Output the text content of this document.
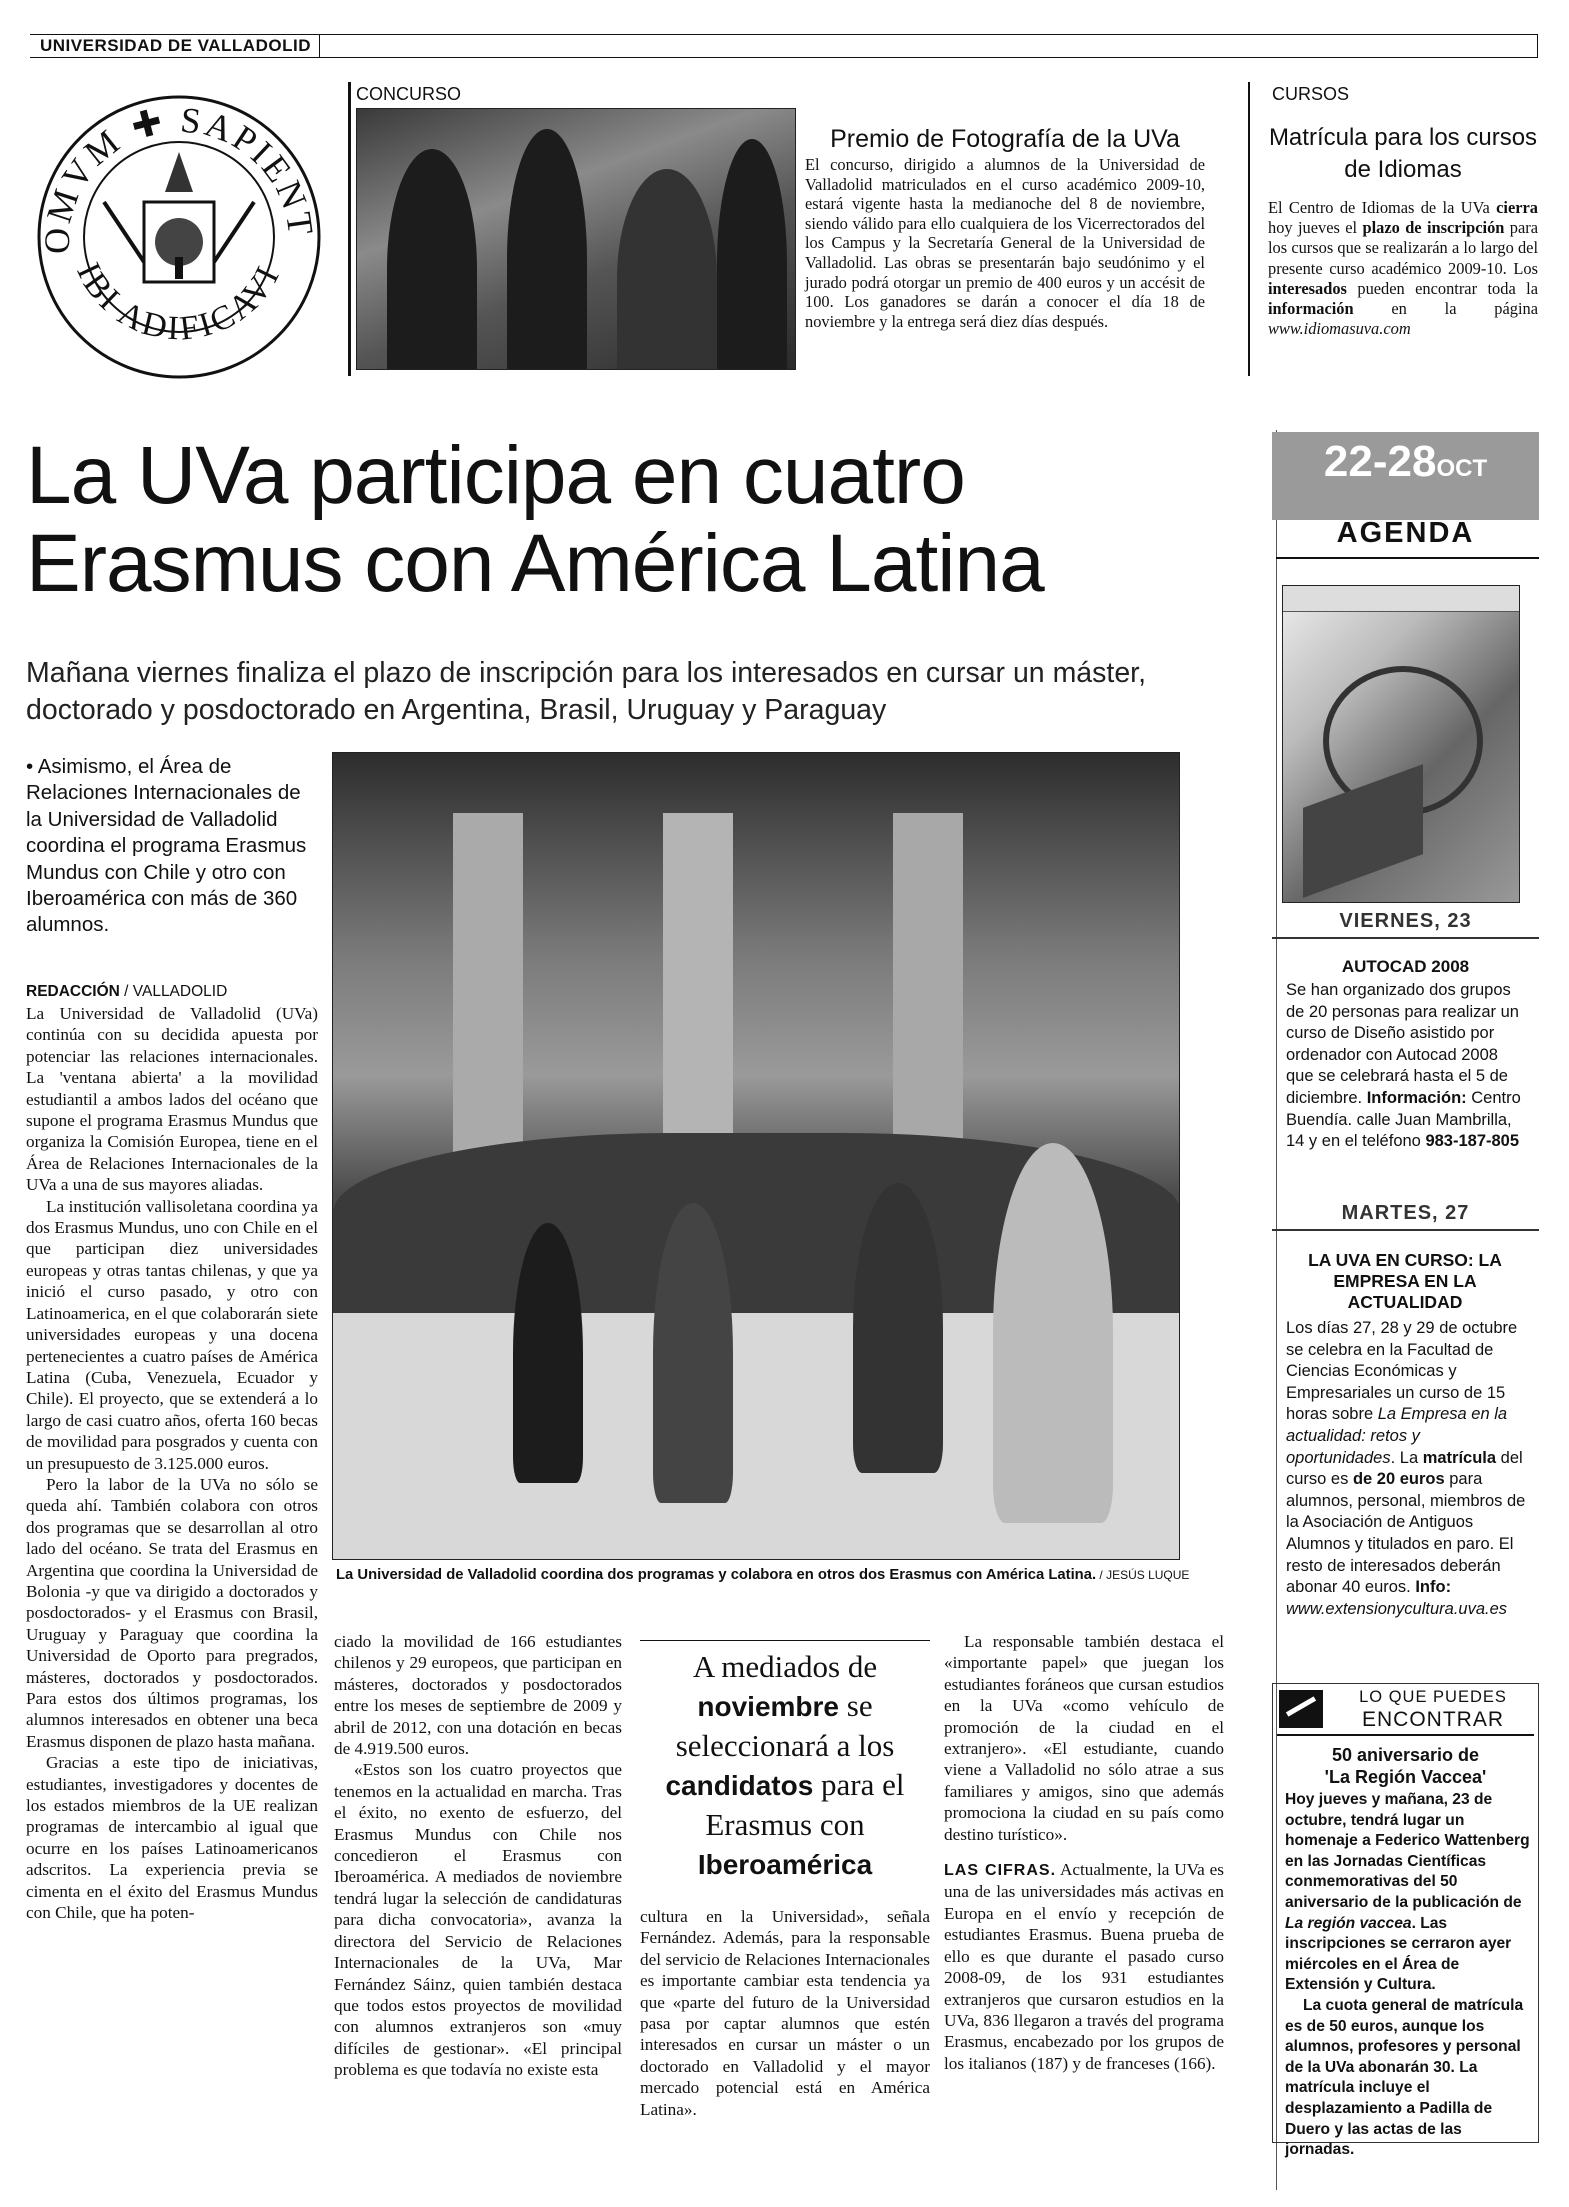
UNIVERSIDAD DE VALLADOLID
OMVM ✚ SAPIENT
IBI ADIFICAVI
CONCURSO
Premio de Fotografía de la UVa
El concurso, dirigido a alumnos de la Universidad de Valladolid matriculados en el curso académico 2009-10, estará vigente hasta la medianoche del 8 de noviembre, siendo válido para ello cualquiera de los Vicerrectorados del los Campus y la Secretaría General de la Universidad de Valladolid. Las obras se presentarán bajo seudónimo y el jurado podrá otorgar un premio de 400 euros y un accésit de 100. Los ganadores se darán a conocer el día 18 de noviembre y la entrega será diez días después.
CURSOS
Matrícula para los cursos de Idiomas
El Centro de Idiomas de la UVa cierra hoy jueves el plazo de inscripción para los cursos que se realizarán a lo largo del presente curso académico 2009-10. Los interesados pueden encontrar toda la información en la página www.idiomasuva.com
La UVa participa en cuatro
Erasmus con América Latina
Mañana viernes finaliza el plazo de inscripción para los interesados en cursar un máster, doctorado y posdoctorado en Argentina, Brasil, Uruguay y Paraguay
• Asimismo, el Área de Relaciones Internacionales de la Universidad de Valladolid coordina el programa Erasmus Mundus con Chile y otro con Iberoamérica con más de 360 alumnos.
REDACCIÓN / VALLADOLID
La Universidad de Valladolid coordina dos programas y colabora en otros dos Erasmus con América Latina. / JESÚS LUQUE

La Universidad de Valladolid (UVa) continúa con su decidida apuesta por potenciar las relaciones internacionales. La 'ventana abierta' a la movilidad estudiantil a ambos lados del océano que supone el programa Erasmus Mundus que organiza la Comisión Europea, tiene en el Área de Relaciones Internacionales de la UVa a una de sus mayores aliadas.

La institución vallisoletana coordina ya dos Erasmus Mundus, uno con Chile en el que participan diez universidades europeas y otras tantas chilenas, y que ya inició el curso pasado, y otro con Latinoamerica, en el que colaborarán siete universidades europeas y una docena pertenecientes a cuatro países de América Latina (Cuba, Venezuela, Ecuador y Chile). El proyecto, que se extenderá a lo largo de casi cuatro años, oferta 160 becas de movilidad para posgrados y cuenta con un presupuesto de 3.125.000 euros.

Pero la labor de la UVa no sólo se queda ahí. También colabora con otros dos programas que se desarrollan al otro lado del océano. Se trata del Erasmus en Argentina que coordina la Universidad de Bolonia -y que va dirigido a doctorados y posdoctorados- y el Erasmus con Brasil, Uruguay y Paraguay que coordina la Universidad de Oporto para pregrados, másteres, doctorados y posdoctorados. Para estos dos últimos programas, los alumnos interesados en obtener una beca Erasmus disponen de plazo hasta mañana.

Gracias a este tipo de iniciativas, estudiantes, investigadores y docentes de los estados miembros de la UE realizan programas de intercambio al igual que ocurre en los países Latinoamericanos adscritos. La experiencia previa se cimenta en el éxito del Erasmus Mundus con Chile, que ha poten-

ciado la movilidad de 166 estudiantes chilenos y 29 europeos, que participan en másteres, doctorados y posdoctorados entre los meses de septiembre de 2009 y abril de 2012, con una dotación en becas de 4.919.500 euros.

«Estos son los cuatro proyectos que tenemos en la actualidad en marcha. Tras el éxito, no exento de esfuerzo, del Erasmus Mundus con Chile nos concedieron el Erasmus con Iberoamérica. A mediados de noviembre tendrá lugar la selección de candidaturas para dicha convocatoria», avanza la directora del Servicio de Relaciones Internacionales de la UVa, Mar Fernández Sáinz, quien también destaca que todos estos proyectos de movilidad con alumnos extranjeros son «muy difíciles de gestionar». «El principal problema es que todavía no existe esta

A mediados de noviembre se seleccionará a los candidatos para el Erasmus con Iberoamérica

cultura en la Universidad», señala Fernández. Además, para la responsable del servicio de Relaciones Internacionales es importante cambiar esta tendencia ya que «parte del futuro de la Universidad pasa por captar alumnos que estén interesados en cursar un máster o un doctorado en Valladolid y el mayor mercado potencial está en América Latina».

La responsable también destaca el «importante papel» que juegan los estudiantes foráneos que cursan estudios en la UVa «como vehículo de promoción de la ciudad en el extranjero». «El estudiante, cuando viene a Valladolid no sólo atrae a sus familiares y amigos, sino que además promociona la ciudad en su país como destino turístico».

LAS CIFRAS. Actualmente, la UVa es una de las universidades más activas en Europa en el envío y recepción de estudiantes Erasmus. Buena prueba de ello es que durante el pasado curso 2008-09, de los 931 estudiantes extranjeros que cursaron estudios en la UVa, 836 llegaron a través del programa Erasmus, encabezado por los grupos de los italianos (187) y de franceses (166).

22-28OCT
AGENDA
VIERNES, 23
AUTOCAD 2008
Se han organizado dos grupos de 20 personas para realizar un curso de Diseño asistido por ordenador con Autocad 2008 que se celebrará hasta el 5 de diciembre. Información: Centro Buendía. calle Juan Mambrilla, 14 y en el teléfono 983-187-805
MARTES, 27
LA UVA EN CURSO: LA EMPRESA EN LA ACTUALIDAD
Los días 27, 28 y 29 de octubre se celebra en la Facultad de Ciencias Económicas y Empresariales un curso de 15 horas sobre La Empresa en la actualidad: retos y oportunidades. La matrícula del curso es de 20 euros para alumnos, personal, miembros de la Asociación de Antiguos Alumnos y titulados en paro. El resto de interesados deberán abonar 40 euros. Info: www.extensionycultura.uva.es
LO QUE PUEDES
ENCONTRAR
50 aniversario de
'La Región Vaccea'
Hoy jueves y mañana, 23 de octubre, tendrá lugar un homenaje a Federico Wattenberg en las Jornadas Científicas conmemorativas del 50 aniversario de la publicación de La región vaccea. Las inscripciones se cerraron ayer miércoles en el Área de Extensión y Cultura.
La cuota general de matrícula es de 50 euros, aunque los alumnos, profesores y personal de la UVa abonarán 30. La matrícula incluye el desplazamiento a Padilla de Duero y las actas de las jornadas.
